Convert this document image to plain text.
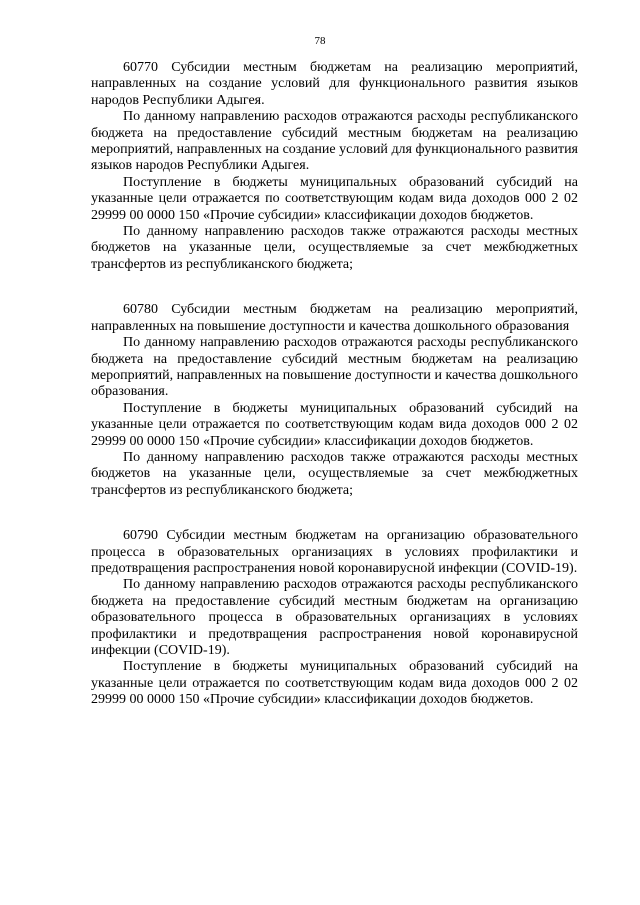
78

60770 Субсидии местным бюджетам на реализацию мероприятий, направленных на создание условий для функционального развития языков народов Республики Адыгея.

По данному направлению расходов отражаются расходы республиканского бюджета на предоставление субсидий местным бюджетам на реализацию мероприятий, направленных на создание условий для функционального развития языков народов Республики Адыгея.

Поступление в бюджеты муниципальных образований субсидий на указанные цели отражается по соответствующим кодам вида доходов 000 2 02 29999 00 0000 150 «Прочие субсидии» классификации доходов бюджетов.

По данному направлению расходов также отражаются расходы местных бюджетов на указанные цели, осуществляемые за счет межбюджетных трансфертов из республиканского бюджета;

60780 Субсидии местным бюджетам на реализацию мероприятий, направленных на повышение доступности и качества дошкольного образования

По данному направлению расходов отражаются расходы республиканского бюджета на предоставление субсидий местным бюджетам на реализацию мероприятий, направленных на повышение доступности и качества дошкольного образования.

Поступление в бюджеты муниципальных образований субсидий на указанные цели отражается по соответствующим кодам вида доходов 000 2 02 29999 00 0000 150 «Прочие субсидии» классификации доходов бюджетов.

По данному направлению расходов также отражаются расходы местных бюджетов на указанные цели, осуществляемые за счет межбюджетных трансфертов из республиканского бюджета;

60790 Субсидии местным бюджетам на организацию образовательного процесса в образовательных организациях в условиях профилактики и предотвращения распространения новой коронавирусной инфекции (COVID-19).

По данному направлению расходов отражаются расходы республиканского бюджета на предоставление субсидий местным бюджетам на организацию образовательного процесса в образовательных организациях в условиях профилактики и предотвращения распространения новой коронавирусной инфекции (COVID-19).

Поступление в бюджеты муниципальных образований субсидий на указанные цели отражается по соответствующим кодам вида доходов 000 2 02 29999 00 0000 150 «Прочие субсидии» классификации доходов бюджетов.
